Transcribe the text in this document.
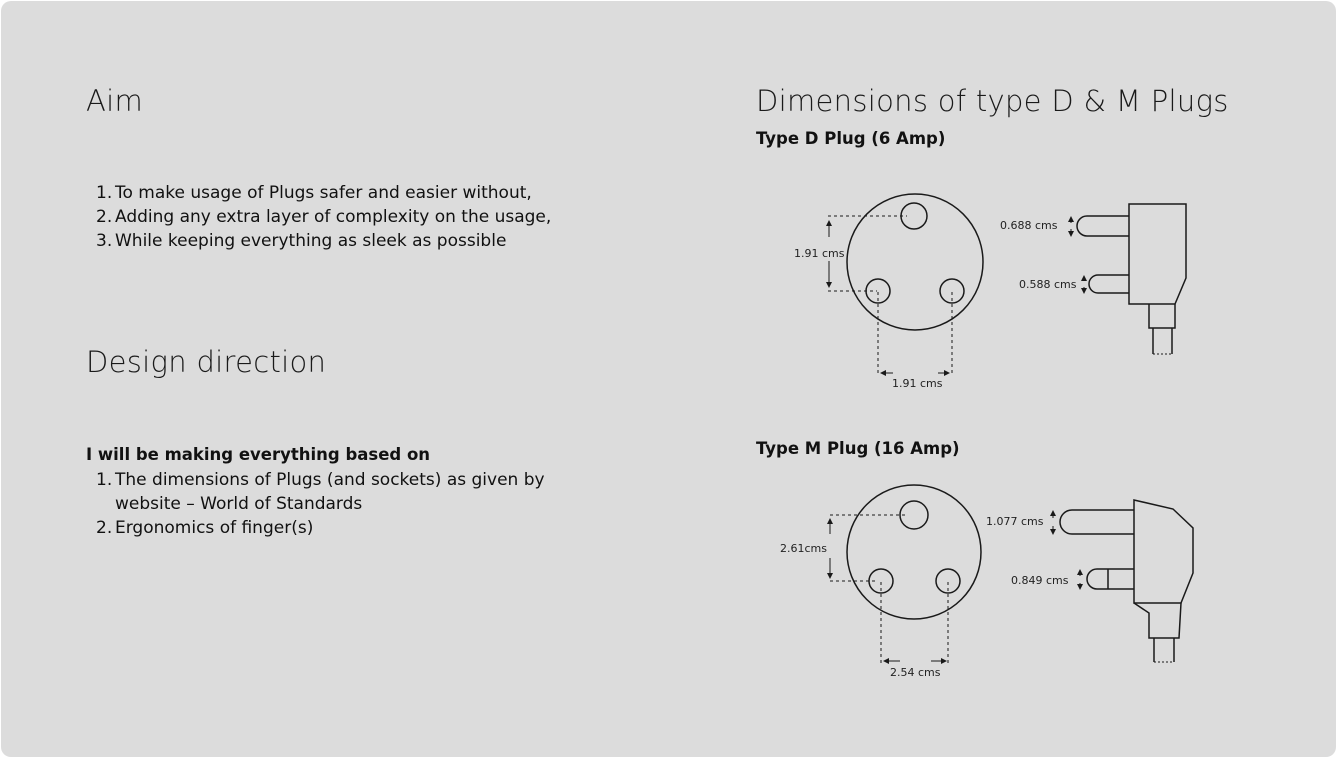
Aim
1. To make usage of Plugs safer and easier without,
2. Adding any extra layer of complexity on the usage,
3. While keeping everything as sleek as possible
Design direction
I will be making everything based on
1. The dimensions of Plugs (and sockets) as given by
website – World of Standards
2. Ergonomics of finger(s)
Dimensions of type D & M Plugs
Type D Plug (6 Amp)
Type M Plug (16 Amp)
1.91 cms
1.91 cms
0.688 cms
0.588 cms
2.61cms
2.54 cms
1.077 cms
0.849 cms
